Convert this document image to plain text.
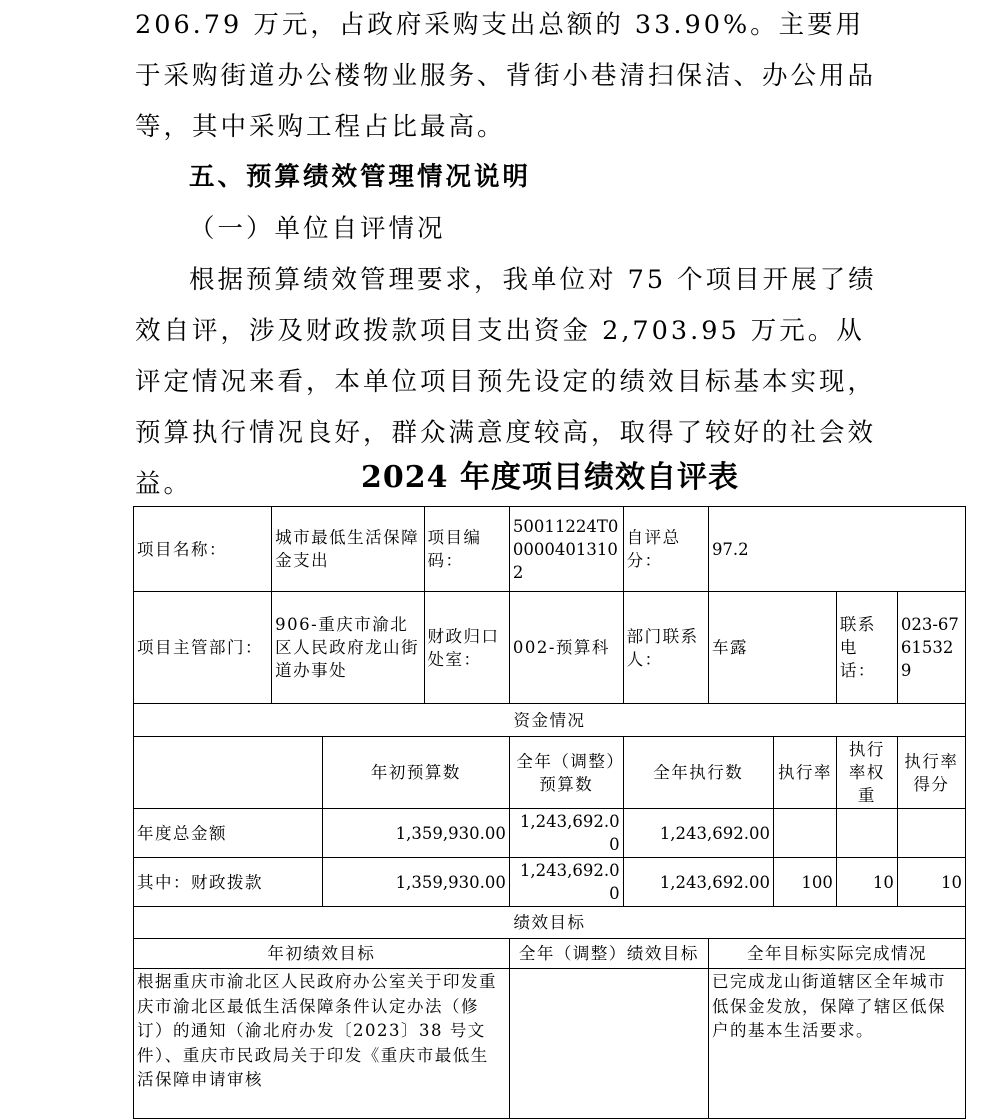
206.79 万元，占政府采购支出总额的 33.90%。主要用于采购街道办公楼物业服务、背街小巷清扫保洁、办公用品等，其中采购工程占比最高。

五、预算绩效管理情况说明

（一）单位自评情况

根据预算绩效管理要求，我单位对 75 个项目开展了绩效自评，涉及财政拨款项目支出资金 2,703.95 万元。从评定情况来看，本单位项目预先设定的绩效目标基本实现，预算执行情况良好，群众满意度较高，取得了较好的社会效益。	2024 年度项目绩效自评表
项目名称：	城市最低生活保障金支出		项目编码：	50011224T000004013102	自评总分：	97.2			
项目主管部门：	906-重庆市渝北区人民政府龙山街道办事处		财政归口处室：	002-预算科	部门联系人：	车露		联系电话：	023-67615329
资金情况									
		年初预算数		全年（调整）预算数	全年执行数		执行率	执行率权重	执行率得分
年度总金额		1,359,930.00		1,243,692.00	1,243,692.00				
其中：财政拨款		1,359,930.00		1,243,692.00	1,243,692.00		100	10	10
绩效目标									
年初绩效目标				全年（调整）绩效目标		全年目标实际完成情况			
根据重庆市渝北区人民政府办公室关于印发重庆市渝北区最低生活保障条件认定办法（修订）的通知（渝北府办发〔2023〕38 号文件）、重庆市民政局关于印发《重庆市最低生活保障申请审核						已完成龙山街道辖区全年城市低保金发放，保障了辖区低保户的基本生活要求。			
